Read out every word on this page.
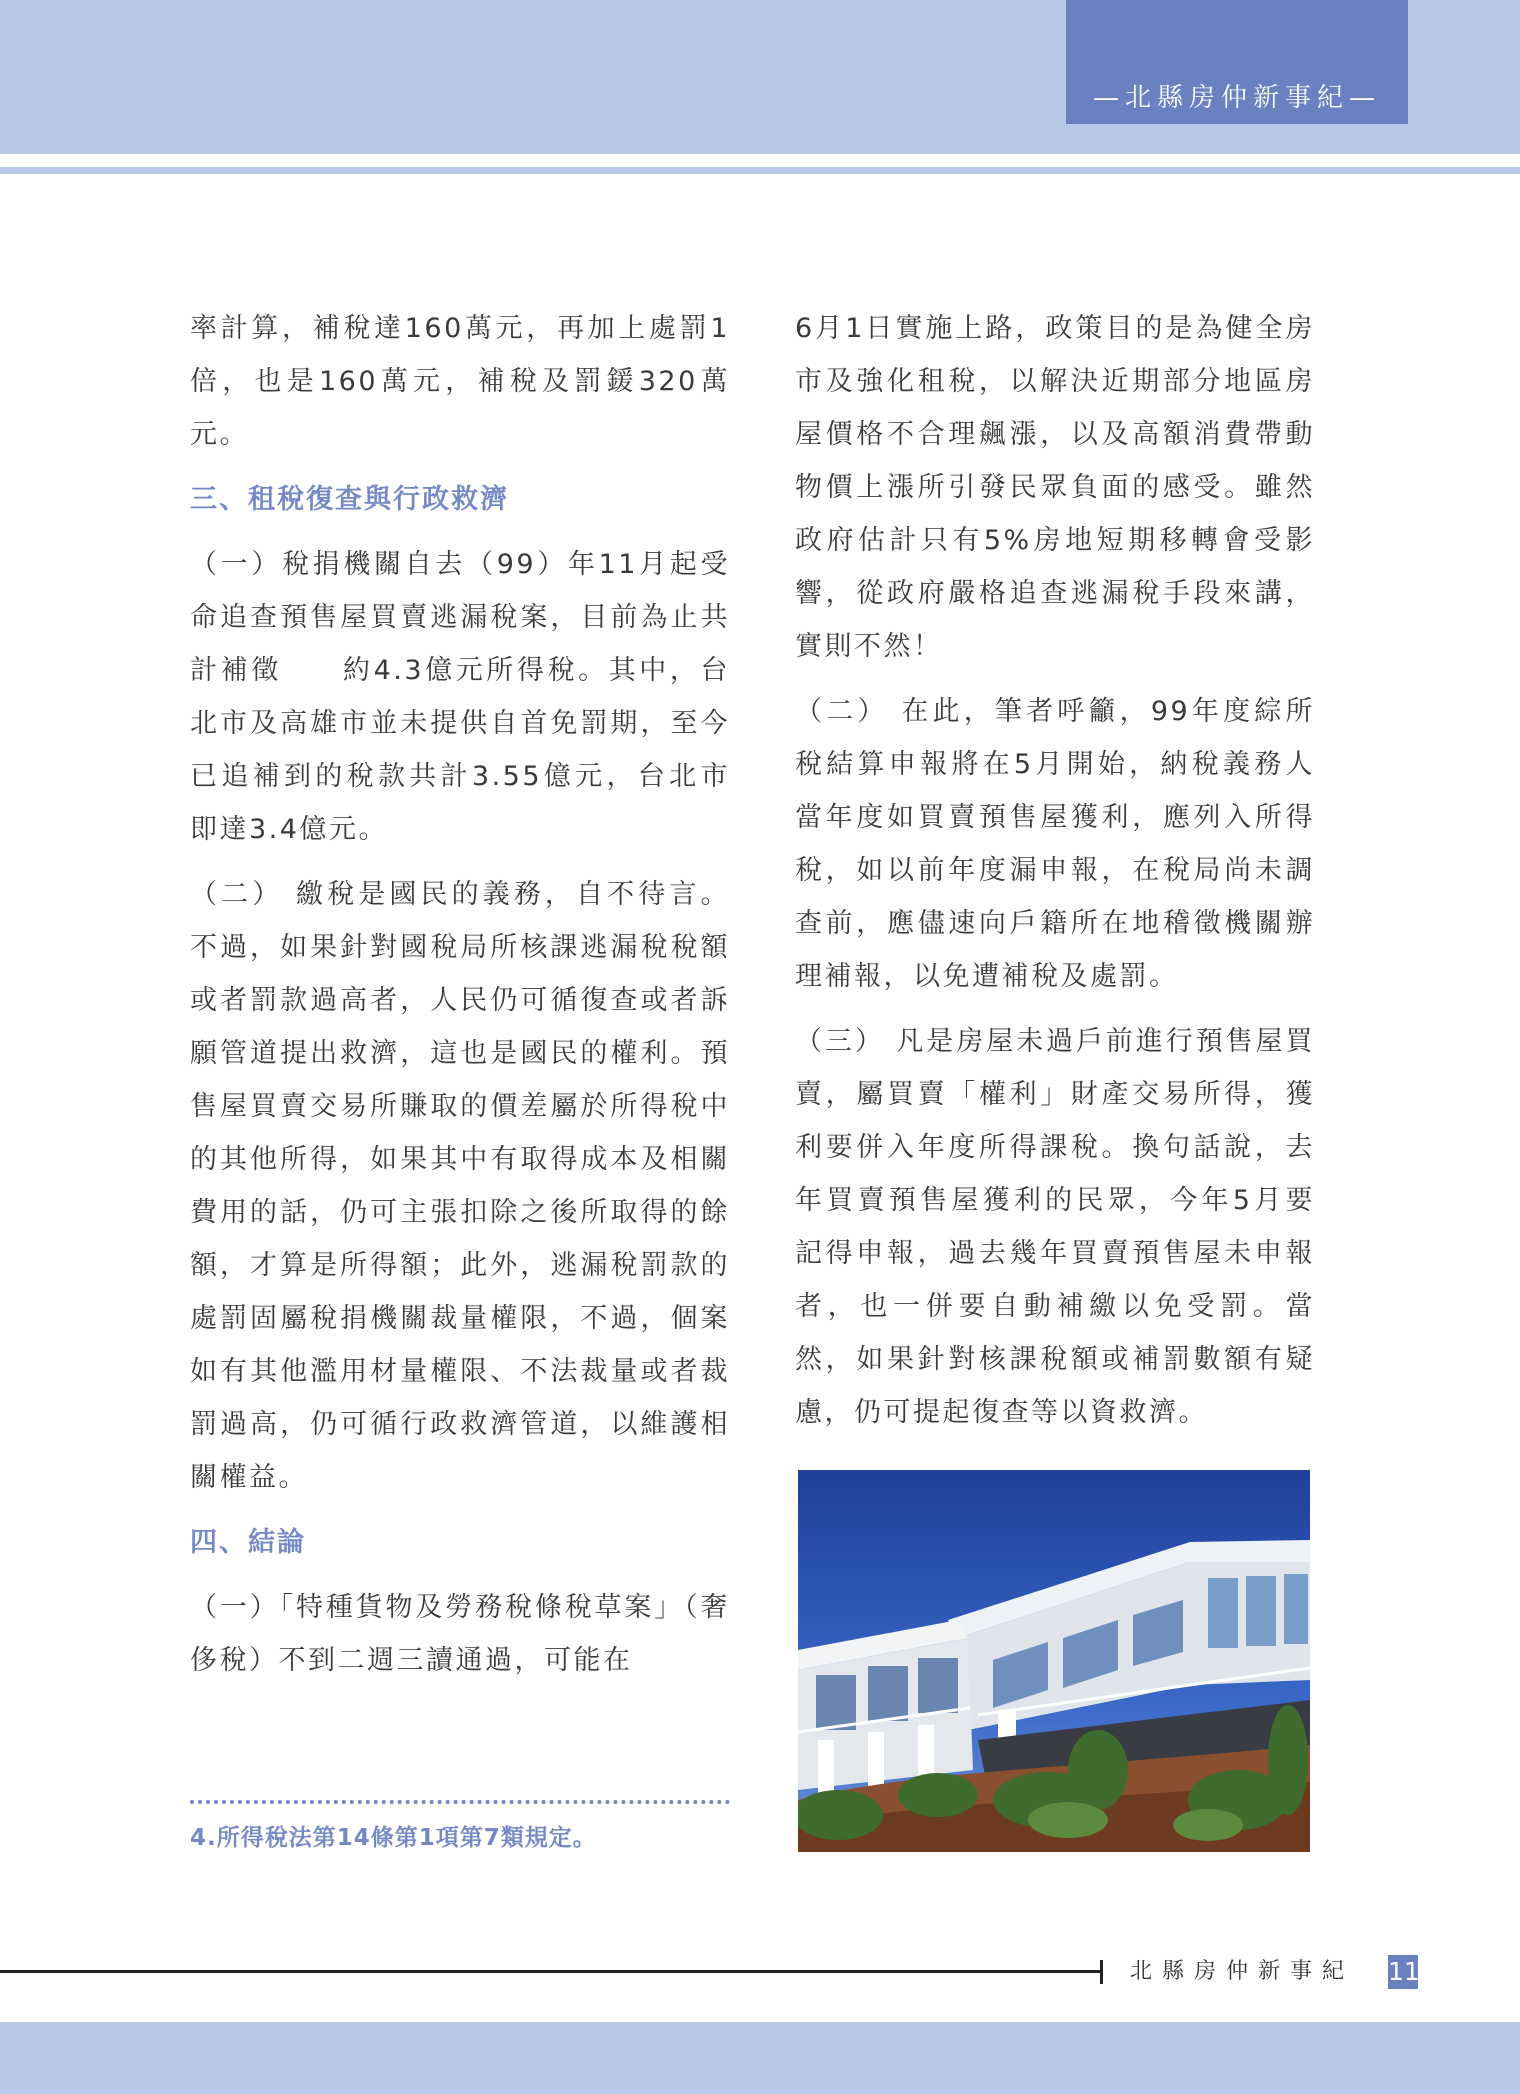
—北縣房仲新事紀—

率計算，補稅達160萬元，再加上處罰1倍，也是160萬元，補稅及罰鍰320萬元。

三、租稅復查與行政救濟

（一）稅捐機關自去（99）年11月起受命追查預售屋買賣逃漏稅案，目前為止共計補徵　　約4.3億元所得稅。其中，台北市及高雄市並未提供自首免罰期，至今已追補到的稅款共計3.55億元，台北市即達3.4億元。

（二） 繳稅是國民的義務，自不待言。不過，如果針對國稅局所核課逃漏稅稅額或者罰款過高者，人民仍可循復查或者訴願管道提出救濟，這也是國民的權利。預售屋買賣交易所賺取的價差屬於所得稅中的其他所得，如果其中有取得成本及相關費用的話，仍可主張扣除之後所取得的餘額，才算是所得額；此外，逃漏稅罰款的處罰固屬稅捐機關裁量權限，不過，個案如有其他濫用材量權限、不法裁量或者裁罰過高，仍可循行政救濟管道，以維護相關權益。

四、結論

（一）「特種貨物及勞務稅條稅草案」（奢侈稅）不到二週三讀通過，可能在

6月1日實施上路，政策目的是為健全房市及強化租稅，以解決近期部分地區房屋價格不合理飆漲，以及高額消費帶動物價上漲所引發民眾負面的感受。雖然政府估計只有5%房地短期移轉會受影響，從政府嚴格追查逃漏稅手段來講，實則不然！

（二） 在此，筆者呼籲，99年度綜所稅結算申報將在5月開始，納稅義務人當年度如買賣預售屋獲利，應列入所得稅，如以前年度漏申報，在稅局尚未調查前，應儘速向戶籍所在地稽徵機關辦理補報，以免遭補稅及處罰。

（三） 凡是房屋未過戶前進行預售屋買賣，屬買賣「權利」財產交易所得，獲利要併入年度所得課稅。換句話說，去年買賣預售屋獲利的民眾，今年5月要記得申報，過去幾年買賣預售屋未申報者，也一併要自動補繳以免受罰。當然，如果針對核課稅額或補罰數額有疑慮，仍可提起復查等以資救濟。

4.所得稅法第14條第1項第7類規定。
北縣房仲新事紀 11
